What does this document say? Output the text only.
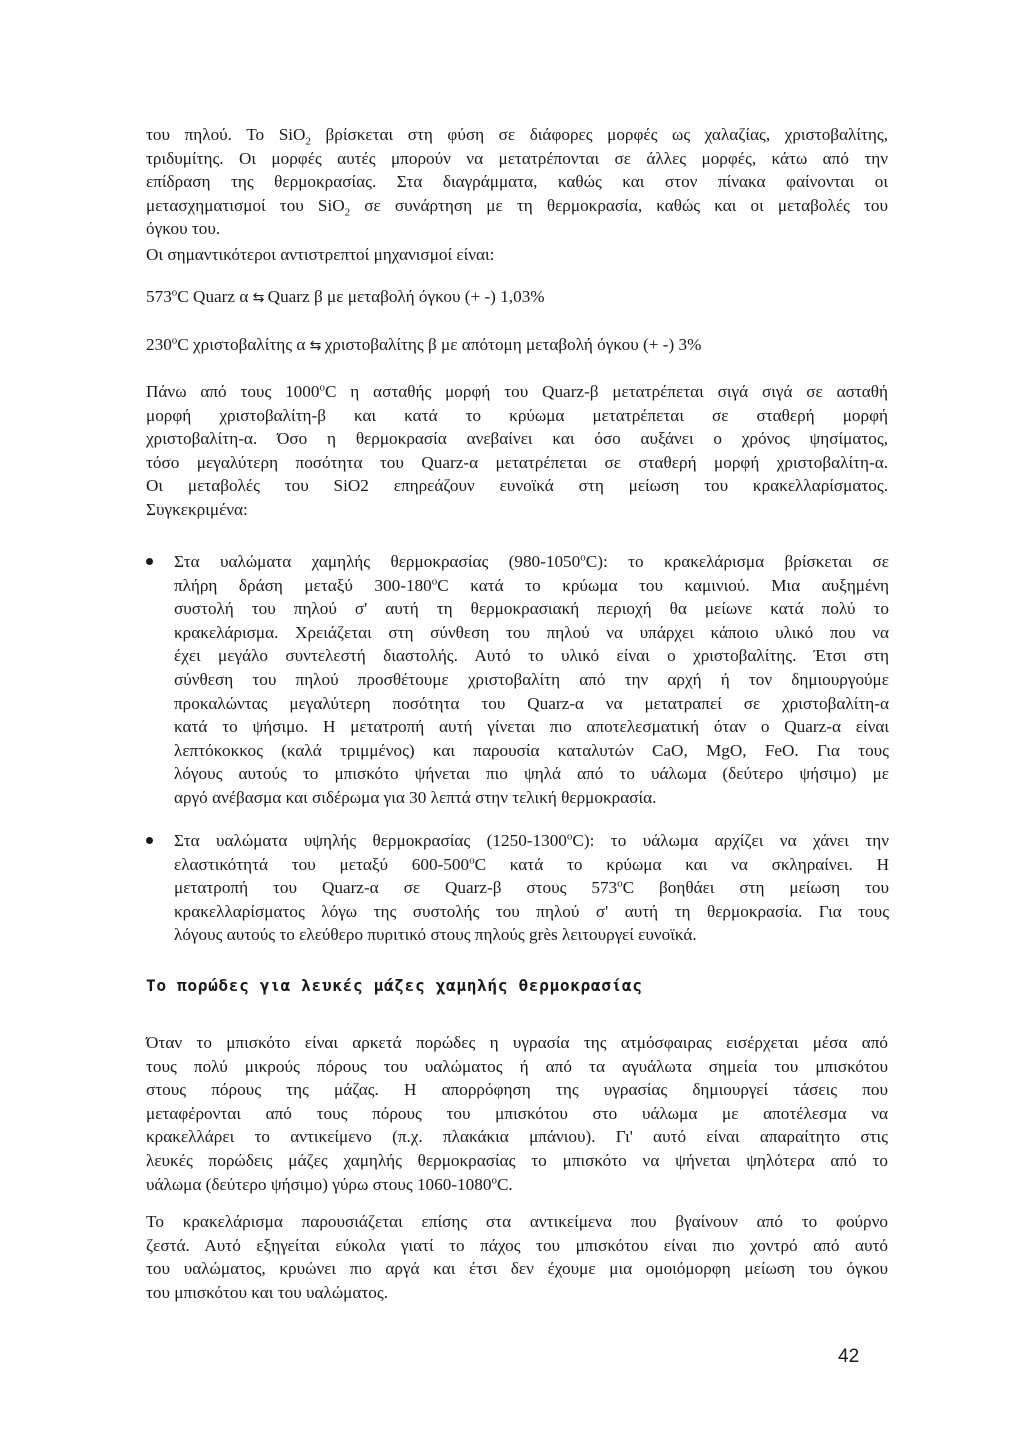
του πηλού. Το SiO$_2$ βρίσκεται στη φύση σε διάφορες μορφές ως χαλαζίας, χριστοβαλίτης,
τριδυμίτης. Οι μορφές αυτές μπορούν να μετατρέπονται σε άλλες μορφές, κάτω από την
επίδραση της θερμοκρασίας. Στα διαγράμματα, καθώς και στον πίνακα φαίνονται οι
μετασχηματισμοί του SiO$_2$ σε συνάρτηση με τη θερμοκρασία, καθώς και οι μεταβολές του
όγκου του.

Οι σημαντικότεροι αντιστρεπτοί μηχανισμοί είναι:

573$^o$C Quarz α ⇆ Quarz β με μεταβολή όγκου (+ -) 1,03%

230$^o$C χριστοβαλίτης α ⇆ χριστοβαλίτης β με απότομη μεταβολή όγκου (+ -) 3%

Πάνω από τους 1000$^o$C η ασταθής μορφή του Quarz-β μετατρέπεται σιγά σιγά σε ασταθή
μορφή χριστοβαλίτη-β και κατά το κρύωμα μετατρέπεται σε σταθερή μορφή
χριστοβαλίτη-α. Όσο η θερμοκρασία ανεβαίνει και όσο αυξάνει ο χρόνος ψησίματος,
τόσο μεγαλύτερη ποσότητα του Quarz-α μετατρέπεται σε σταθερή μορφή χριστοβαλίτη-α.
Οι μεταβολές του SiO2 επηρεάζουν ευνοϊκά στη μείωση του κρακελλαρίσματος.
Συγκεκριμένα:
Στα υαλώματα χαμηλής θερμοκρασίας (980-1050$^o$C): το κρακελάρισμα βρίσκεται σε
πλήρη δράση μεταξύ 300-180$^o$C κατά το κρύωμα του καμινιού. Μια αυξημένη
συστολή του πηλού σ' αυτή τη θερμοκρασιακή περιοχή θα μείωνε κατά πολύ το
κρακελάρισμα. Χρειάζεται στη σύνθεση του πηλού να υπάρχει κάποιο υλικό που να
έχει μεγάλο συντελεστή διαστολής. Αυτό το υλικό είναι ο χριστοβαλίτης. Έτσι στη
σύνθεση του πηλού προσθέτουμε χριστοβαλίτη από την αρχή ή τον δημιουργούμε
προκαλώντας μεγαλύτερη ποσότητα του Quarz-α να μετατραπεί σε χριστοβαλίτη-α
κατά το ψήσιμο. Η μετατροπή αυτή γίνεται πιο αποτελεσματική όταν ο Quarz-α είναι
λεπτόκοκκος (καλά τριμμένος) και παρουσία καταλυτών CaO, MgO, FeO. Για τους
λόγους αυτούς το μπισκότο ψήνεται πιο ψηλά από το υάλωμα (δεύτερο ψήσιμο) με
αργό ανέβασμα και σιδέρωμα για 30 λεπτά στην τελική θερμοκρασία.
Στα υαλώματα υψηλής θερμοκρασίας (1250-1300$^o$C): το υάλωμα αρχίζει να χάνει την
ελαστικότητά του μεταξύ 600-500$^o$C κατά το κρύωμα και να σκληραίνει. Η
μετατροπή του Quarz-α σε Quarz-β στους 573$^o$C βοηθάει στη μείωση του
κρακελλαρίσματος λόγω της συστολής του πηλού σ' αυτή τη θερμοκρασία. Για τους
λόγους αυτούς το ελεύθερο πυριτικό στους πηλούς grès λειτουργεί ευνοϊκά.
Το πορώδες για λευκές μάζες χαμηλής θερμοκρασίας
Όταν το μπισκότο είναι αρκετά πορώδες η υγρασία της ατμόσφαιρας εισέρχεται μέσα από
τους πολύ μικρούς πόρους του υαλώματος ή από τα αγυάλωτα σημεία του μπισκότου
στους πόρους της μάζας. Η απορρόφηση της υγρασίας δημιουργεί τάσεις που
μεταφέρονται από τους πόρους του μπισκότου στο υάλωμα με αποτέλεσμα να
κρακελλάρει το αντικείμενο (π.χ. πλακάκια μπάνιου). Γι' αυτό είναι απαραίτητο στις
λευκές πορώδεις μάζες χαμηλής θερμοκρασίας το μπισκότο να ψήνεται ψηλότερα από το
υάλωμα (δεύτερο ψήσιμο) γύρω στους 1060-1080$^o$C.
Το κρακελάρισμα παρουσιάζεται επίσης στα αντικείμενα που βγαίνουν από το φούρνο
ζεστά. Αυτό εξηγείται εύκολα γιατί το πάχος του μπισκότου είναι πιο χοντρό από αυτό
του υαλώματος, κρυώνει πιο αργά και έτσι δεν έχουμε μια ομοιόμορφη μείωση του όγκου
του μπισκότου και του υαλώματος.
42
